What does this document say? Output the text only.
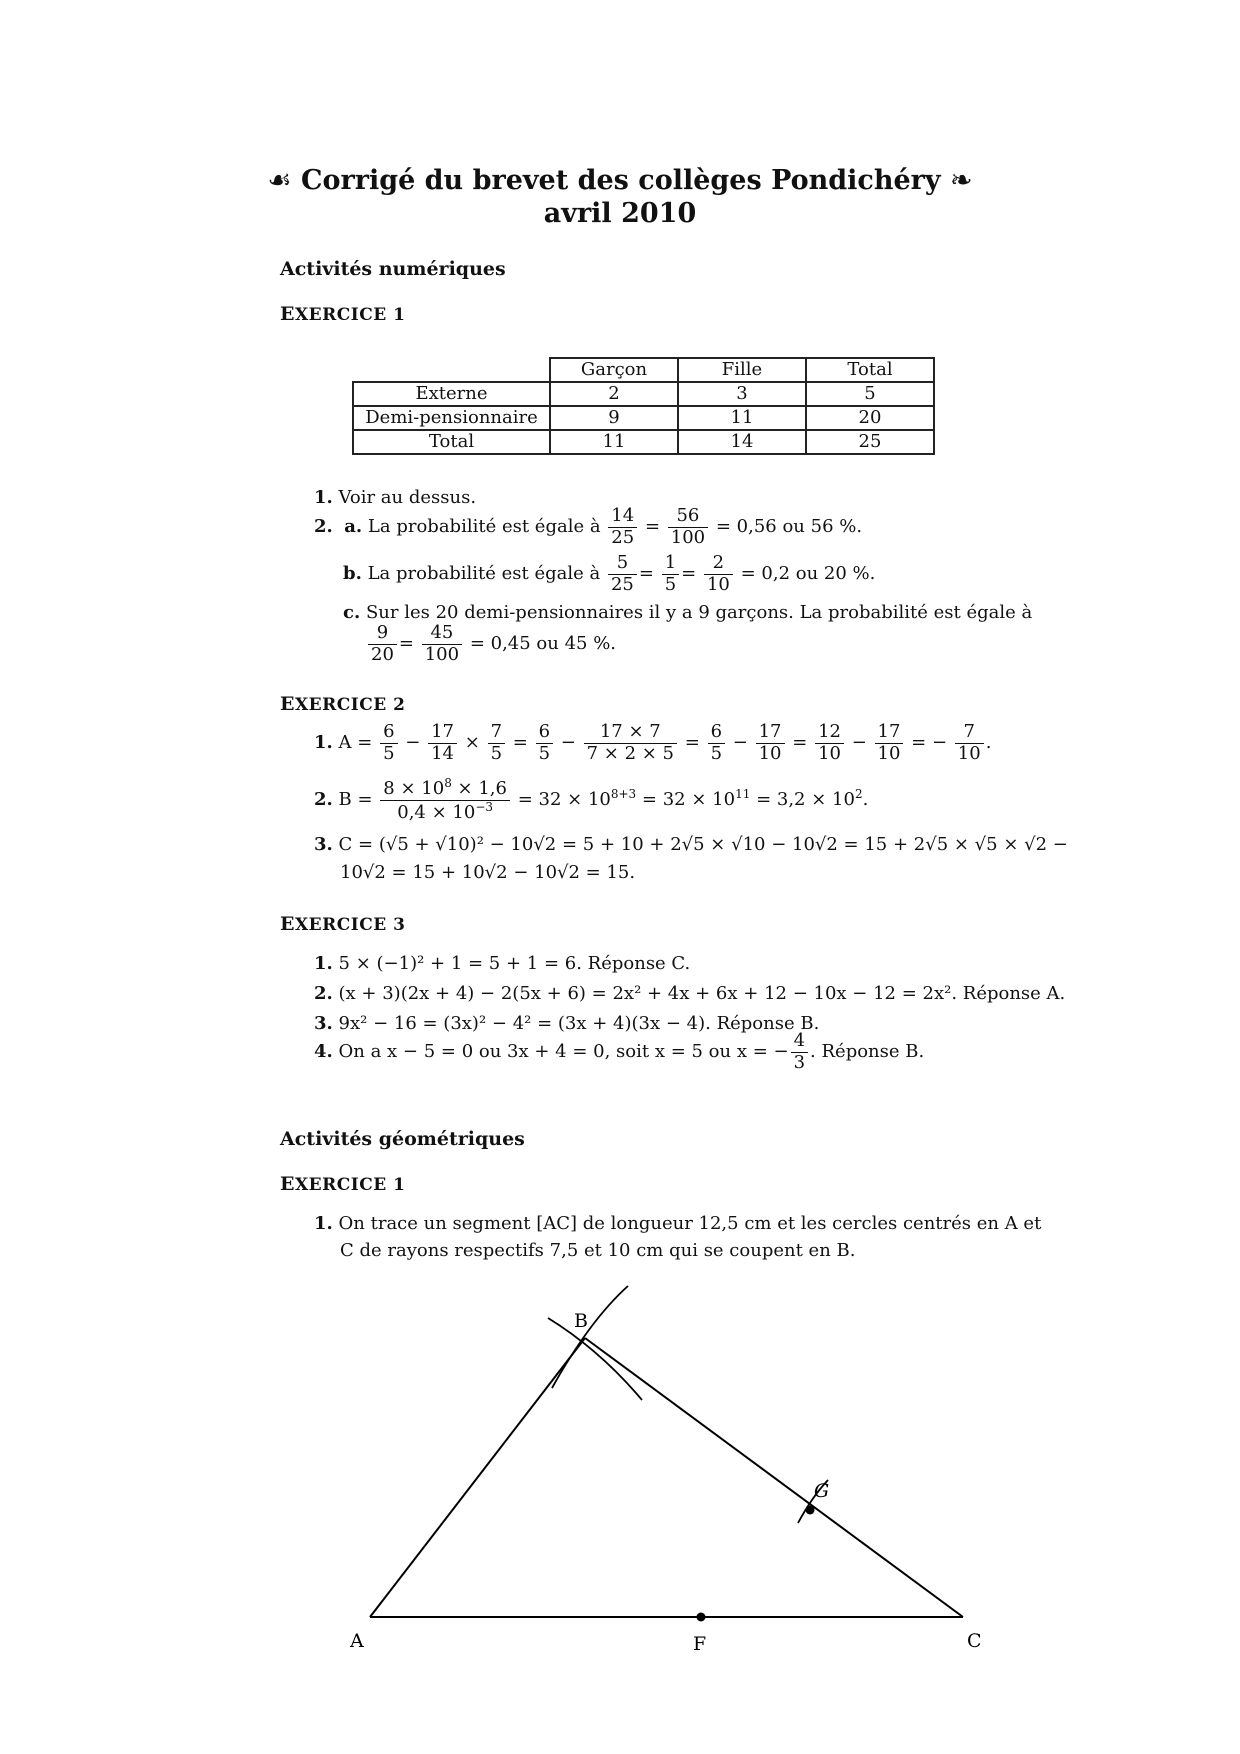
☙ Corrigé du brevet des collèges Pondichéry ❧
avril 2010
Activités numériques
EXERCICE 1
	Garçon	Fille	Total
Externe	2	3	5
Demi-pensionnaire	9	11	20
Total	11	14	25
1. Voir au dessus.
2. a. La probabilité est égale à $\frac{14}{25} = \frac{56}{100} = 0,56$ ou 56 %.
b. La probabilité est égale à $\frac{5}{25} = \frac{1}{5} = \frac{2}{10} = 0,2$ ou 20 %.
c. Sur les 20 demi-pensionnaires il y a 9 garçons. La probabilité est égale à
$\frac{9}{20} = \frac{45}{100} = 0,45$ ou 45 %.
EXERCICE 2
1. $A = \frac{6}{5} - \frac{17}{14} \times \frac{7}{5} = \frac{6}{5} - \frac{17 \times 7}{7 \times 2 \times 5} = \frac{6}{5} - \frac{17}{10} = \frac{12}{10} - \frac{17}{10}$ = − $\frac{7}{10}$ .
2. $B = \frac{8 \times 10^8 \times 1,6}{0,4 \times 10^{-3}} = 32 \times 10^{8+3} = 32 \times 10^{11} = 3,2 \times 10^2$.
3. C = (√5 + √10)² − 10√2 = 5 + 10 + 2√5 × √10 − 10√2 = 15 + 2√5 × √5 × √2 −
10√2 = 15 + 10√2 − 10√2 = 15.
EXERCICE 3
1. 5 × (−1)² + 1 = 5 + 1 = 6. Réponse C.
2. (x + 3)(2x + 4) − 2(5x + 6) = 2x² + 4x + 6x + 12 − 10x − 12 = 2x². Réponse A.
3. 9x² − 16 = (3x)² − 4² = (3x + 4)(3x − 4). Réponse B.
4. On a x − 5 = 0 ou 3x + 4 = 0, soit x = 5 ou x = − $\frac{4}{3}$ . Réponse B.
Activités géométriques
EXERCICE 1
1. On trace un segment [AC] de longueur 12,5 cm et les cercles centrés en A et
C de rayons respectifs 7,5 et 10 cm qui se coupent en B.
A
B
C
F
G
